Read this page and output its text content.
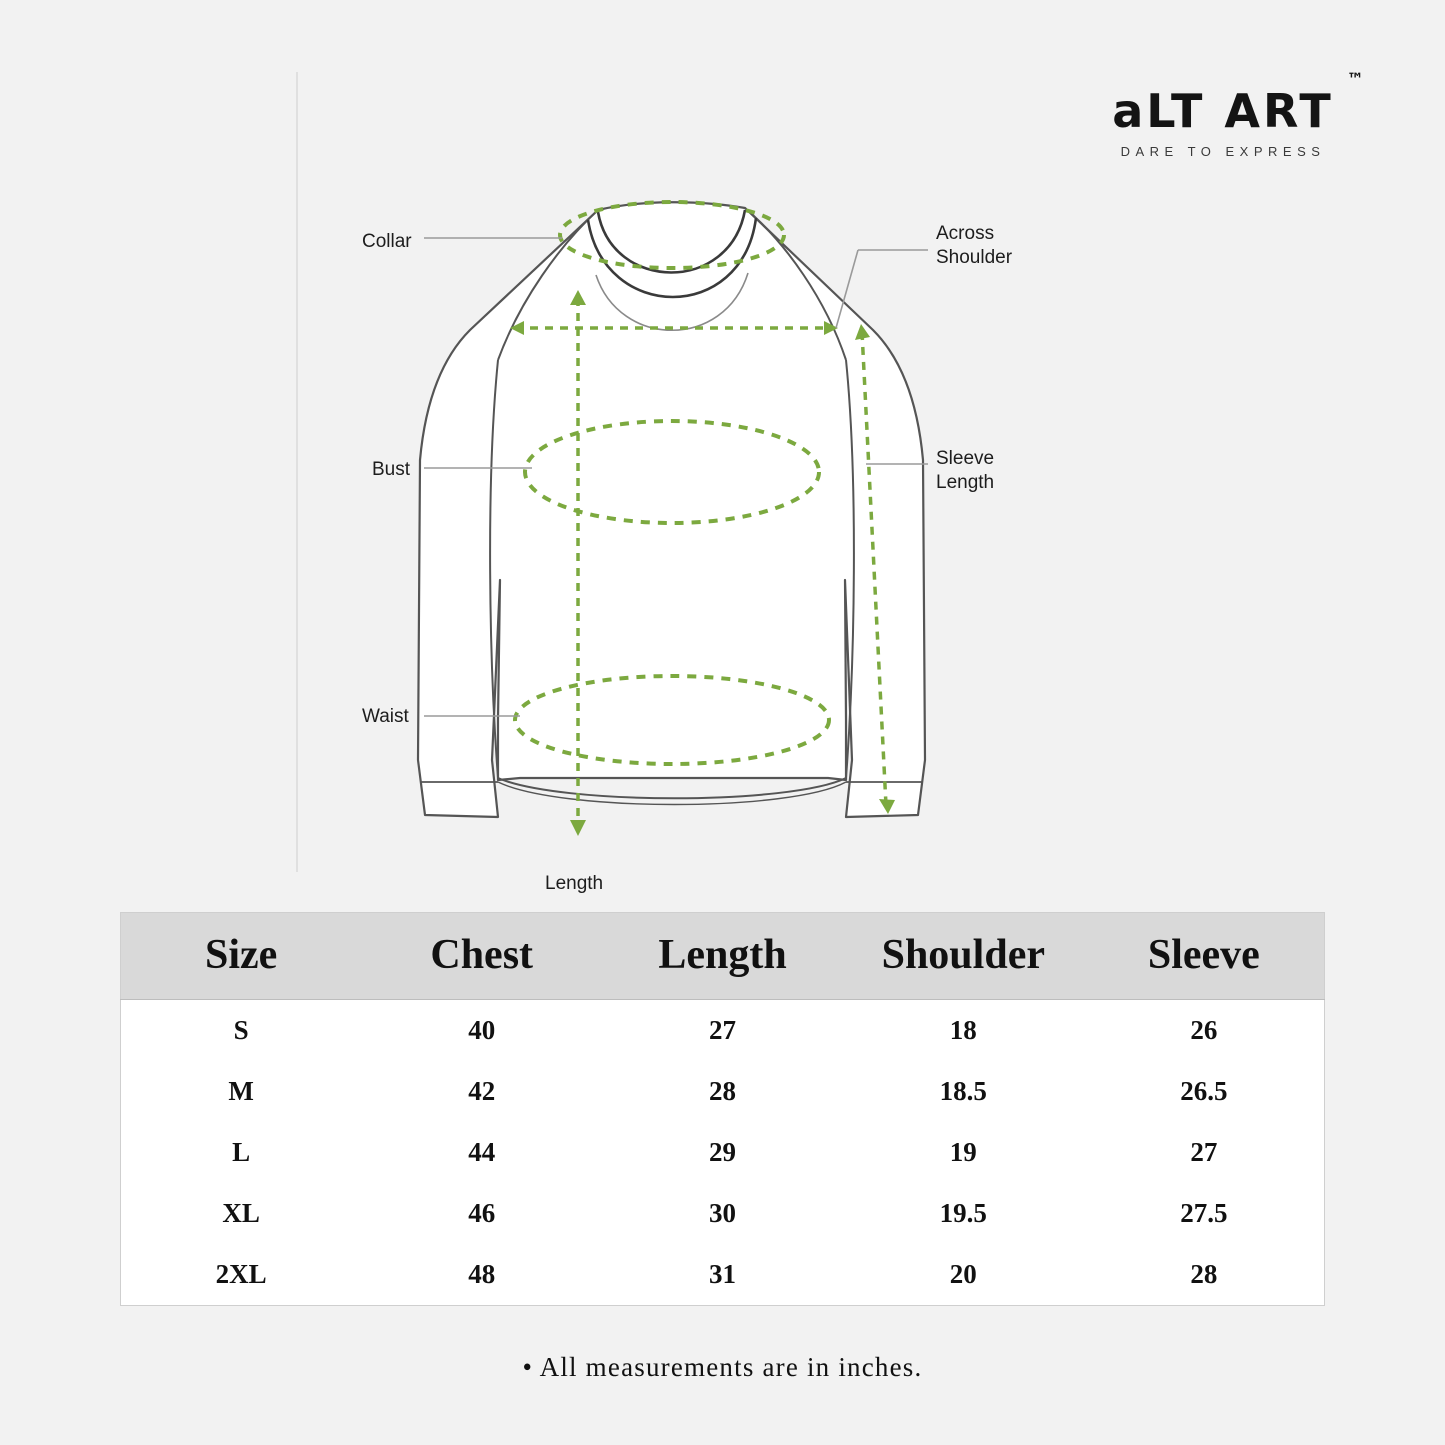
aLT ART
™
DARE TO EXPRESS
Collar
Bust
Waist
Across
Shoulder
Sleeve
Length
Length
Size	Chest	Length	Shoulder	Sleeve
S	40	27	18	26
M	42	28	18.5	26.5
L	44	29	19	27
XL	46	30	19.5	27.5
2XL	48	31	20	28
• All measurements are in inches.
